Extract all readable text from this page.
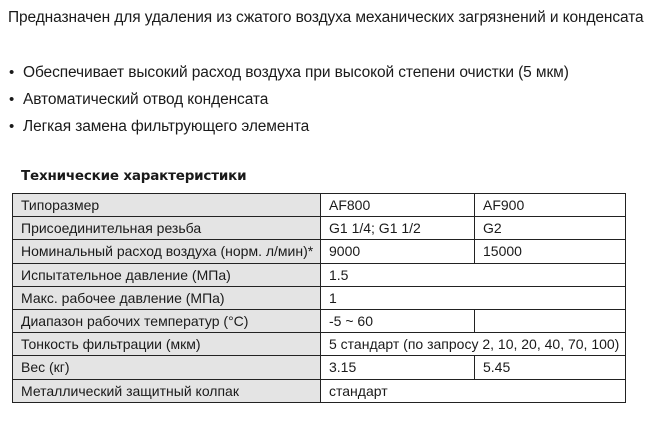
Предназначен для удаления из сжатого воздуха механических загрязнений и конденсата
• Обеспечивает высокий расход воздуха при высокой степени очистки (5 мкм)
• Автоматический отвод конденсата
• Легкая замена фильтрующего элемента
Технические характеристики
Типоразмер	AF800	AF900
Присоединительная резьба	G1 1/4; G1 1/2	G2
Номинальный расход воздуха (норм. л/мин)*	9000	15000
Испытательное давление (МПа)	1.5	
Макс. рабочее давление (МПа)	1	
Диапазон рабочих температур (°С)	-5 ~ 60	
Тонкость фильтрации (мкм)	5 стандарт (по запросу 2, 10, 20, 40, 70, 100)	
Вес (кг)	3.15	5.45
Металлический защитный колпак	стандарт	
